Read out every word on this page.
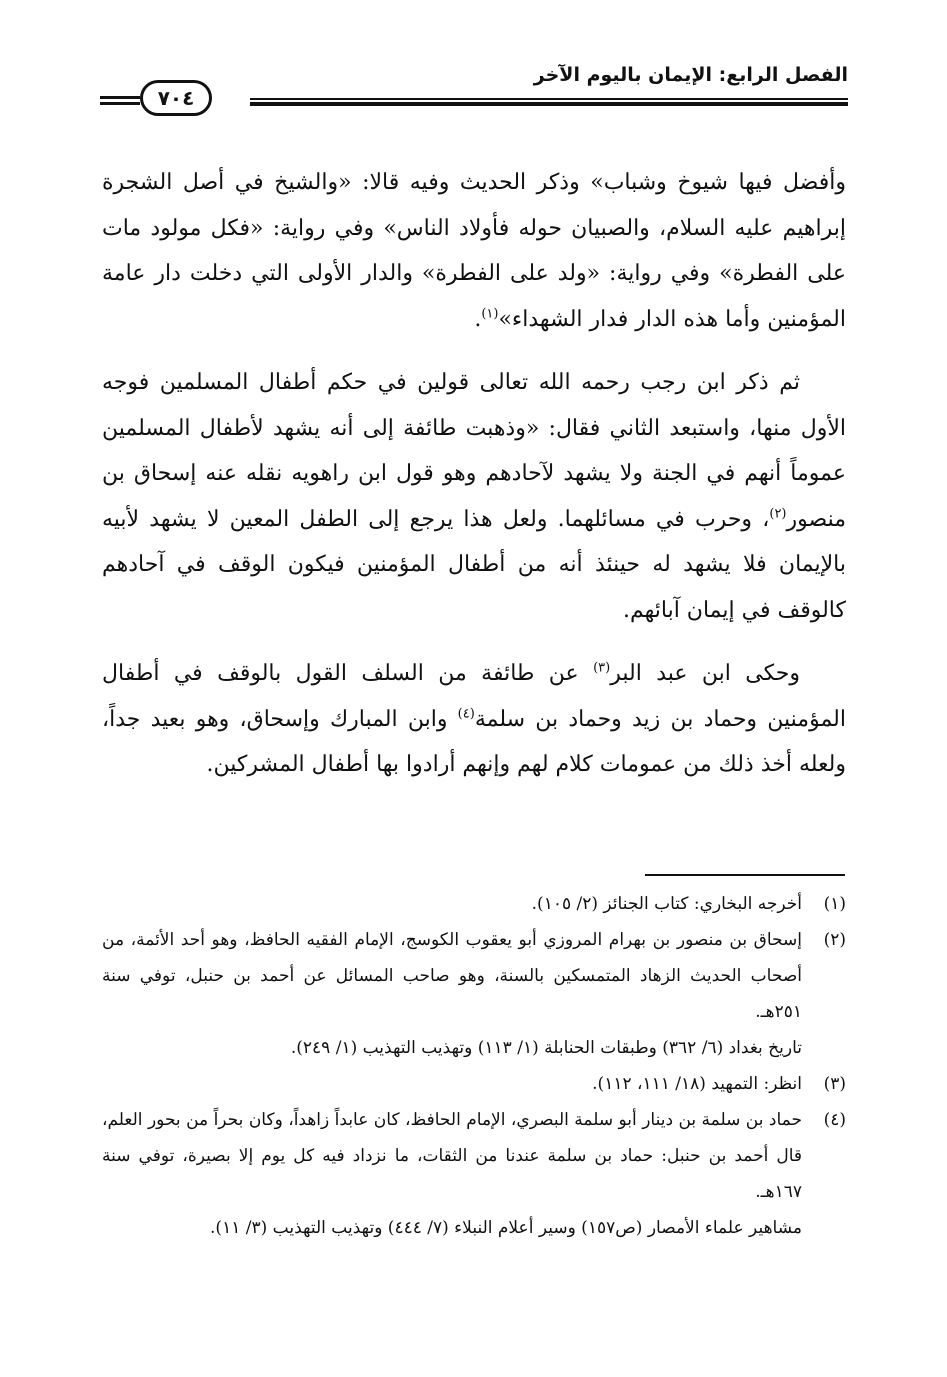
الفصل الرابع: الإيمان باليوم الآخر
٧٠٤

وأفضل فيها شيوخ وشباب» وذكر الحديث وفيه قالا: «والشيخ في أصل الشجرة إبراهيم عليه السلام، والصبيان حوله فأولاد الناس» وفي رواية: «فكل مولود مات على الفطرة» وفي رواية: «ولد على الفطرة» والدار الأولى التي دخلت دار عامة المؤمنين وأما هذه الدار فدار الشهداء»$^{(١)}$.

ثم ذكر ابن رجب رحمه الله تعالى قولين في حكم أطفال المسلمين فوجه الأول منها، واستبعد الثاني فقال: «وذهبت طائفة إلى أنه يشهد لأطفال المسلمين عموماً أنهم في الجنة ولا يشهد لآحادهم وهو قول ابن راهويه نقله عنه إسحاق بن منصور$^{(٢)}$، وحرب في مسائلهما. ولعل هذا يرجع إلى الطفل المعين لا يشهد لأبيه بالإيمان فلا يشهد له حينئذ أنه من أطفال المؤمنين فيكون الوقف في آحادهم كالوقف في إيمان آبائهم.

وحكى ابن عبد البر$^{(٣)}$ عن طائفة من السلف القول بالوقف في أطفال المؤمنين وحماد بن زيد وحماد بن سلمة$^{(٤)}$ وابن المبارك وإسحاق، وهو بعيد جداً، ولعله أخذ ذلك من عمومات كلام لهم وإنهم أرادوا بها أطفال المشركين.

(١)
أخرجه البخاري: كتاب الجنائز (٢/ ١٠٥).
(٢)
إسحاق بن منصور بن بهرام المروزي أبو يعقوب الكوسج، الإمام الفقيه الحافظ، وهو أحد الأئمة، من أصحاب الحديث الزهاد المتمسكين بالسنة، وهو صاحب المسائل عن أحمد بن حنبل، توفي سنة ٢٥١هـ.
تاريخ بغداد (٦/ ٣٦٢) وطبقات الحنابلة (١/ ١١٣) وتهذيب التهذيب (١/ ٢٤٩).
(٣)
انظر: التمهيد (١٨/ ١١١، ١١٢).
(٤)
حماد بن سلمة بن دينار أبو سلمة البصري، الإمام الحافظ، كان عابداً زاهداً، وكان بحراً من بحور العلم، قال أحمد بن حنبل: حماد بن سلمة عندنا من الثقات، ما نزداد فيه كل يوم إلا بصيرة، توفي سنة ١٦٧هـ.
مشاهير علماء الأمصار (ص١٥٧) وسير أعلام النبلاء (٧/ ٤٤٤) وتهذيب التهذيب (٣/ ١١).
